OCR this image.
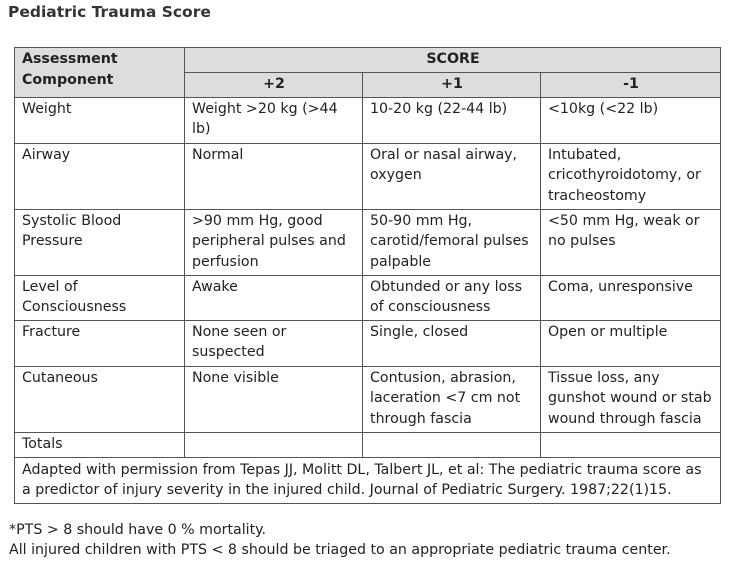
Pediatric Trauma Score
Assessment Component	SCORE		
	+2	+1	-1
Weight	Weight >20 kg (>44 lb)	10-20 kg (22-44 lb)	<10kg (<22 lb)
Airway	Normal	Oral or nasal airway, oxygen	Intubated, cricothyroidotomy, or tracheostomy
Systolic Blood Pressure	>90 mm Hg, good peripheral pulses and perfusion	50-90 mm Hg, carotid/femoral pulses palpable	<50 mm Hg, weak or no pulses
Level of Consciousness	Awake	Obtunded or any loss of consciousness	Coma, unresponsive
Fracture	None seen or suspected	Single, closed	Open or multiple
Cutaneous	None visible	Contusion, abrasion, laceration <7 cm not through fascia	Tissue loss, any gunshot wound or stab wound through fascia
Totals			
Adapted with permission from Tepas JJ, Molitt DL, Talbert JL, et al: The pediatric trauma score as a predictor of injury severity in the injured child. Journal of Pediatric Surgery. 1987;22(1)15.			
*PTS > 8 should have 0 % mortality.
All injured children with PTS < 8 should be triaged to an appropriate pediatric trauma center.
